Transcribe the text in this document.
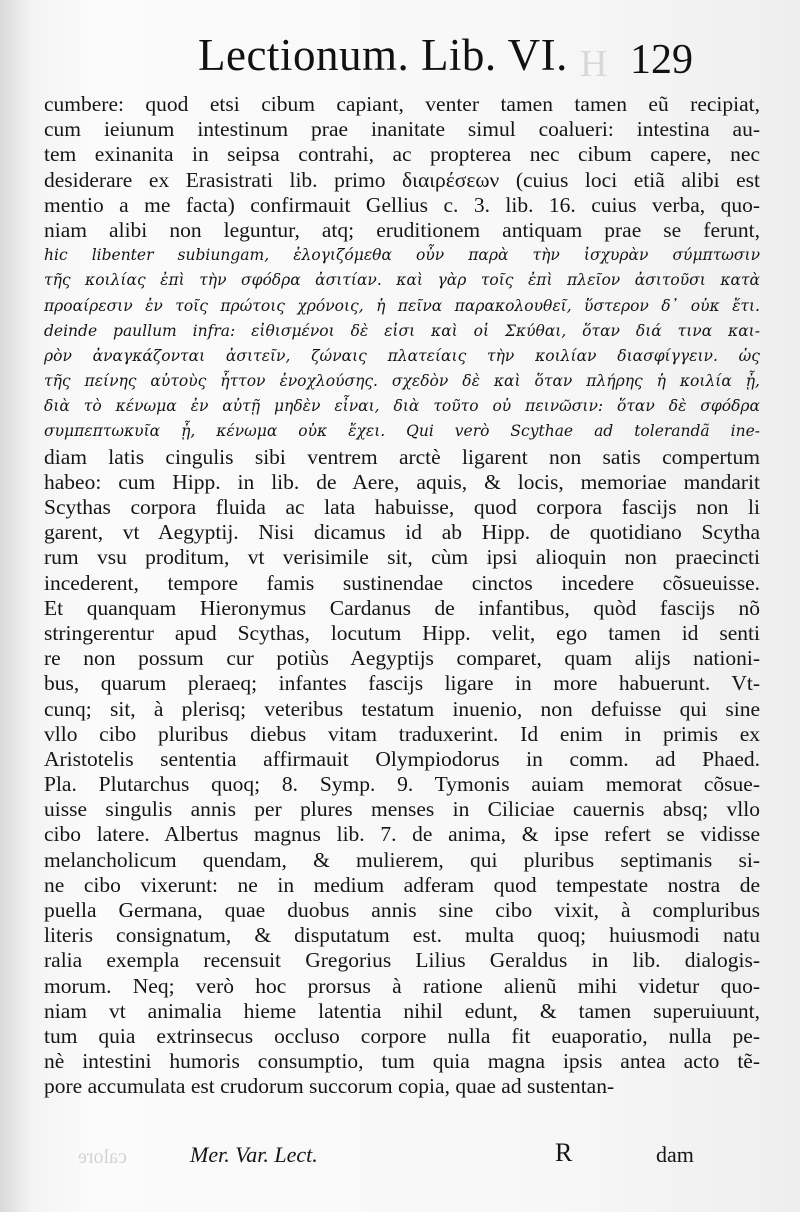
H
Lectionum. Lib. VI. 129
cumbere: quod etsi cibum capiant, venter tamen tamen eũ recipiat,
cum ieiunum intestinum prae inanitate simul coalueri: intestina au-
tem exinanita in seipsa contrahi, ac propterea nec cibum capere, nec
desiderare ex Erasistrati lib. primo διαιρέσεων (cuius loci etiã alibi est
mentio a me facta) confirmauit Gellius c. 3. lib. 16. cuius verba, quo-
niam alibi non leguntur, atq; eruditionem antiquam prae se ferunt,
hic libenter subiungam, ἐλογιζόμεθα οὖν παρὰ τὴν ἰσχυρὰν σύμπτωσιν
τῆς κοιλίας ἐπὶ τὴν σφόδρα ἀσιτίαν. καὶ γὰρ τοῖς ἐπὶ πλεῖον ἀσιτοῦσι κατὰ
προαίρεσιν ἐν τοῖς πρώτοις χρόνοις, ἡ πεῖνα παρακολουθεῖ, ὕστερον δ᾽ οὐκ ἔτι.
deinde paullum infra: εἰθισμένοι δὲ εἰσι καὶ οἱ Σκύθαι, ὅταν διά τινα και-
ρὸν ἀναγκάζονται ἀσιτεῖν, ζώναις πλατείαις τὴν κοιλίαν διασφίγγειν. ὡς
τῆς πείνης αὐτοὺς ἧττον ἐνοχλούσης. σχεδὸν δὲ καὶ ὅταν πλήρης ἡ κοιλία ᾖ,
διὰ τὸ κένωμα ἐν αὐτῇ μηδὲν εἶναι, διὰ τοῦτο οὐ πεινῶσιν: ὅταν δὲ σφόδρα
συμπεπτωκυῖα ᾖ, κένωμα οὐκ ἔχει. Qui verò Scythae ad tolerandã ine-
diam latis cingulis sibi ventrem arctè ligarent non satis compertum
habeo: cum Hipp. in lib. de Aere, aquis, & locis, memoriae mandarit
Scythas corpora fluida ac lata habuisse, quod corpora fascijs non li
garent, vt Aegyptij. Nisi dicamus id ab Hipp. de quotidiano Scytha
rum vsu proditum, vt verisimile sit, cùm ipsi alioquin non praecincti
incederent, tempore famis sustinendae cinctos incedere cõsueuisse.
Et quanquam Hieronymus Cardanus de infantibus, quòd fascijs nõ
stringerentur apud Scythas, locutum Hipp. velit, ego tamen id senti
re non possum cur potiùs Aegyptijs comparet, quam alijs nationi-
bus, quarum pleraeq; infantes fascijs ligare in more habuerunt. Vt-
cunq; sit, à plerisq; veteribus testatum inuenio, non defuisse qui sine
vllo cibo pluribus diebus vitam traduxerint. Id enim in primis ex
Aristotelis sententia affirmauit Olympiodorus in comm. ad Phaed.
Pla. Plutarchus quoq; 8. Symp. 9. Tymonis auiam memorat cõsue-
uisse singulis annis per plures menses in Ciliciae cauernis absq; vllo
cibo latere. Albertus magnus lib. 7. de anima, & ipse refert se vidisse
melancholicum quendam, & mulierem, qui pluribus septimanis si-
ne cibo vixerunt: ne in medium adferam quod tempestate nostra de
puella Germana, quae duobus annis sine cibo vixit, à compluribus
literis consignatum, & disputatum est. multa quoq; huiusmodi natu
ralia exempla recensuit Gregorius Lilius Geraldus in lib. dialogis-
morum. Neq; verò hoc prorsus à ratione alienũ mihi videtur quo-
niam vt animalia hieme latentia nihil edunt, & tamen superuiuunt,
tum quia extrinsecus occluso corpore nulla fit euaporatio, nulla pe-
nè intestini humoris consumptio, tum quia magna ipsis antea acto tẽ-
pore accumulata est crudorum succorum copia, quae ad sustentan-
calore	Mer. Var. Lect.	R	dam
